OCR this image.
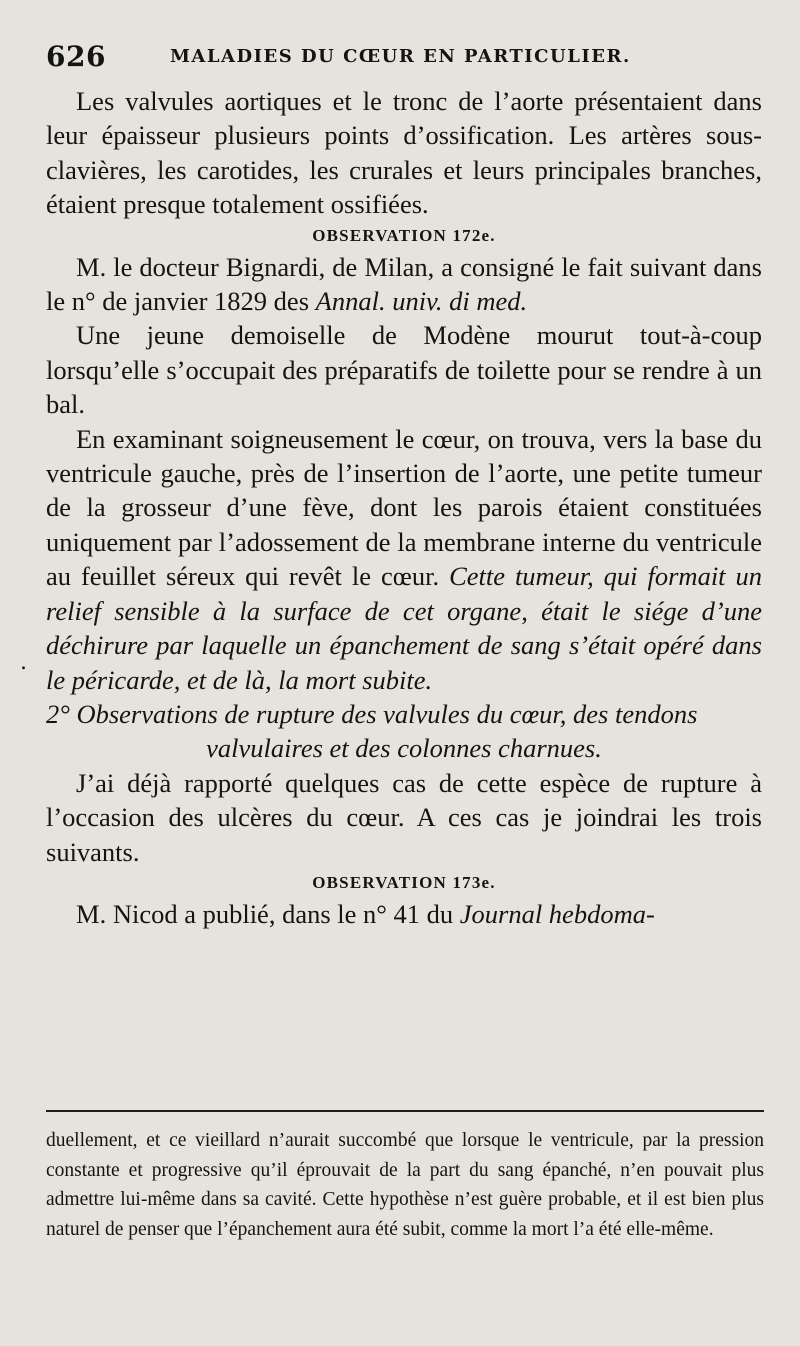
626	MALADIES DU CŒUR EN PARTICULIER.

Les valvules aortiques et le tronc de l’aorte présentaient dans leur épaisseur plusieurs points d’ossification. Les artères sous-clavières, les carotides, les crurales et leurs principales branches, étaient presque totalement ossifiées.

OBSERVATION 172e.

M. le docteur Bignardi, de Milan, a consigné le fait suivant dans le n° de janvier 1829 des Annal. univ. di med.

Une jeune demoiselle de Modène mourut tout-à-coup lorsqu’elle s’occupait des préparatifs de toilette pour se rendre à un bal.

En examinant soigneusement le cœur, on trouva, vers la base du ventricule gauche, près de l’insertion de l’aorte, une petite tumeur de la grosseur d’une fève, dont les parois étaient constituées uniquement par l’adossement de la membrane interne du ventricule au feuillet séreux qui revêt le cœur. Cette tumeur, qui formait un relief sensible à la surface de cet organe, était le siége d’une déchirure par laquelle un épanchement de sang s’était opéré dans le péricarde, et de là, la mort subite.

2° Observations de rupture des valvules du cœur, des tendons
valvulaires et des colonnes charnues.

J’ai déjà rapporté quelques cas de cette espèce de rupture à l’occasion des ulcères du cœur. A ces cas je joindrai les trois suivants.

OBSERVATION 173e.

M. Nicod a publié, dans le n° 41 du Journal hebdoma-

.

duellement, et ce vieillard n’aurait succombé que lorsque le ventricule, par la pression constante et progressive qu’il éprouvait de la part du sang épanché, n’en pouvait plus admettre lui-même dans sa cavité. Cette hypothèse n’est guère probable, et il est bien plus naturel de penser que l’épanchement aura été subit, comme la mort l’a été elle-même.
